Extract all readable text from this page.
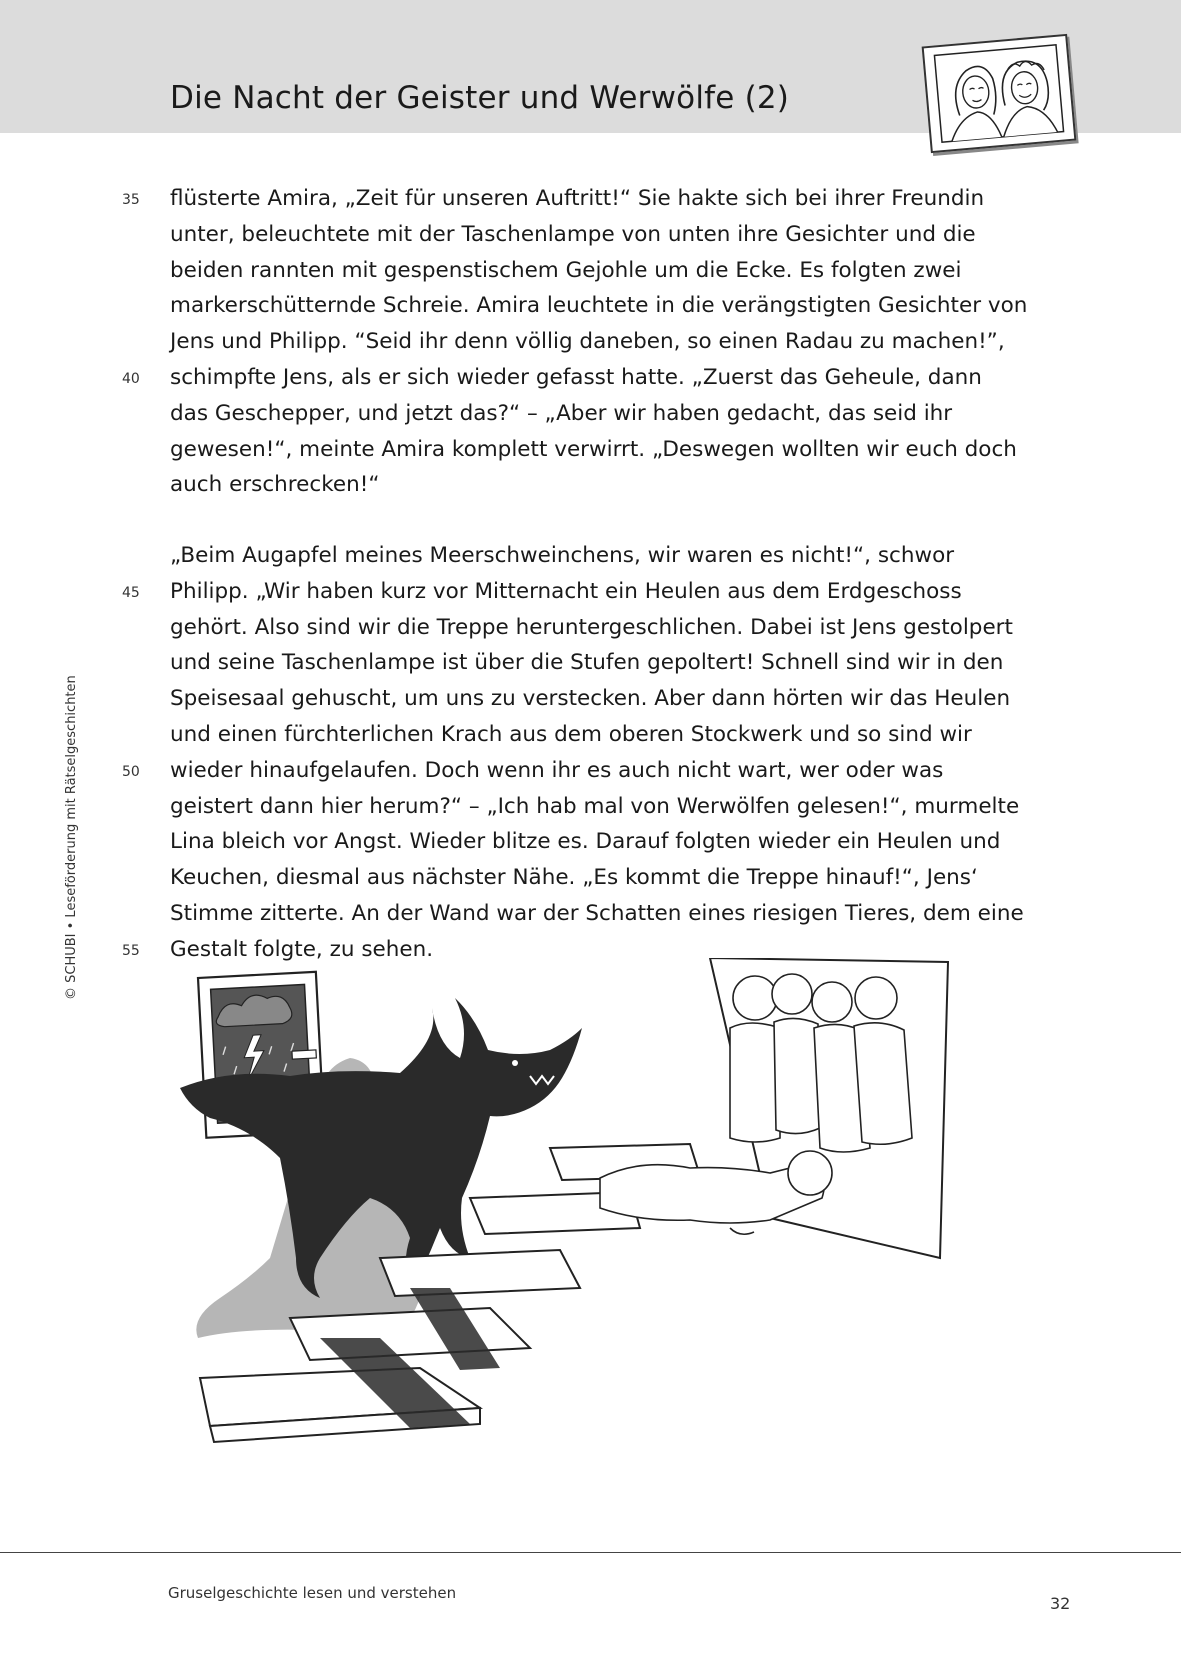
Die Nacht der Geister und Werwölfe (2)
© SCHUBI • Leseförderung mit Rätselgeschichten
35 flüsterte Amira, „Zeit für unseren Auftritt!“ Sie hakte sich bei ihrer Freundin
unter, beleuchtete mit der Taschenlampe von unten ihre Gesichter und die
beiden rannten mit gespenstischem Gejohle um die Ecke. Es folgten zwei
markerschütternde Schreie. Amira leuchtete in die verängstigten Gesichter von
Jens und Philipp. “Seid ihr denn völlig daneben, so einen Radau zu machen!”,
40 schimpfte Jens, als er sich wieder gefasst hatte. „Zuerst das Geheule, dann
das Geschepper, und jetzt das?“ – „Aber wir haben gedacht, das seid ihr
gewesen!“, meinte Amira komplett verwirrt. „Deswegen wollten wir euch doch
auch erschrecken!“
„Beim Augapfel meines Meerschweinchens, wir waren es nicht!“, schwor
45 Philipp. „Wir haben kurz vor Mitternacht ein Heulen aus dem Erdgeschoss
gehört. Also sind wir die Treppe heruntergeschlichen. Dabei ist Jens gestolpert
und seine Taschenlampe ist über die Stufen gepoltert! Schnell sind wir in den
Speisesaal gehuscht, um uns zu verstecken. Aber dann hörten wir das Heulen
und einen fürchterlichen Krach aus dem oberen Stockwerk und so sind wir
50 wieder hinaufgelaufen. Doch wenn ihr es auch nicht wart, wer oder was
geistert dann hier herum?“ – „Ich hab mal von Werwölfen gelesen!“, murmelte
Lina bleich vor Angst. Wieder blitze es. Darauf folgten wieder ein Heulen und
Keuchen, diesmal aus nächster Nähe. „Es kommt die Treppe hinauf!“, Jens‘
Stimme zitterte. An der Wand war der Schatten eines riesigen Tieres, dem eine
55 Gestalt folgte, zu sehen.
Gruselgeschichte lesen und verstehen
32
